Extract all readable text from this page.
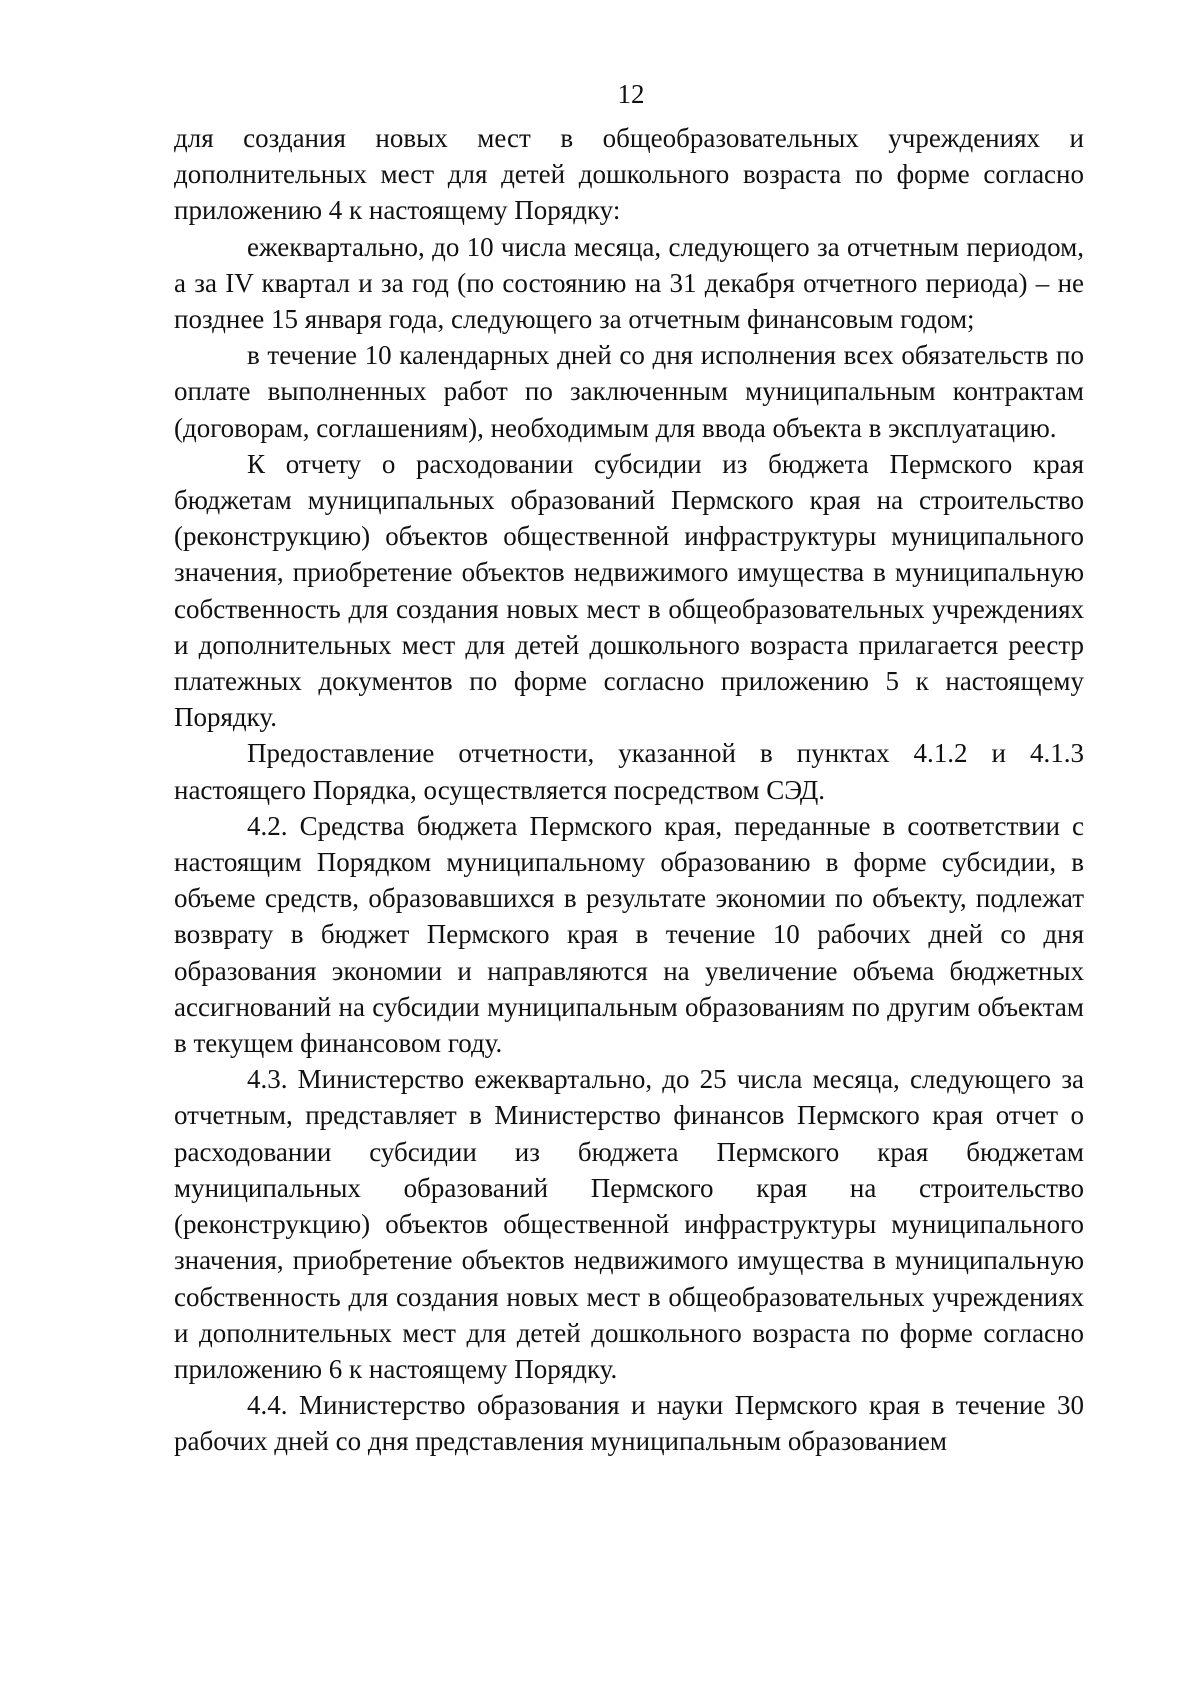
12

для создания новых мест в общеобразовательных учреждениях и дополнительных мест для детей дошкольного возраста по форме согласно приложению 4 к настоящему Порядку:

ежеквартально, до 10 числа месяца, следующего за отчетным периодом, а за IV квартал и за год (по состоянию на 31 декабря отчетного периода) – не позднее 15 января года, следующего за отчетным финансовым годом;

в течение 10 календарных дней со дня исполнения всех обязательств по оплате выполненных работ по заключенным муниципальным контрактам (договорам, соглашениям), необходимым для ввода объекта в эксплуатацию.

К отчету о расходовании субсидии из бюджета Пермского края бюджетам муниципальных образований Пермского края на строительство (реконструкцию) объектов общественной инфраструктуры муниципального значения, приобретение объектов недвижимого имущества в муниципальную собственность для создания новых мест в общеобразовательных учреждениях и дополнительных мест для детей дошкольного возраста прилагается реестр платежных документов по форме согласно приложению 5 к настоящему Порядку.

Предоставление отчетности, указанной в пунктах 4.1.2 и 4.1.3 настоящего Порядка, осуществляется посредством СЭД.

4.2. Средства бюджета Пермского края, переданные в соответствии с настоящим Порядком муниципальному образованию в форме субсидии, в объеме средств, образовавшихся в результате экономии по объекту, подлежат возврату в бюджет Пермского края в течение 10 рабочих дней со дня образования экономии и направляются на увеличение объема бюджетных ассигнований на субсидии муниципальным образованиям по другим объектам в текущем финансовом году.

4.3. Министерство ежеквартально, до 25 числа месяца, следующего за отчетным, представляет в Министерство финансов Пермского края отчет о расходовании субсидии из бюджета Пермского края бюджетам муниципальных образований Пермского края на строительство (реконструкцию) объектов общественной инфраструктуры муниципального значения, приобретение объектов недвижимого имущества в муниципальную собственность для создания новых мест в общеобразовательных учреждениях и дополнительных мест для детей дошкольного возраста по форме согласно приложению 6 к настоящему Порядку.

4.4. Министерство образования и науки Пермского края в течение 30 рабочих дней со дня представления муниципальным образованием
